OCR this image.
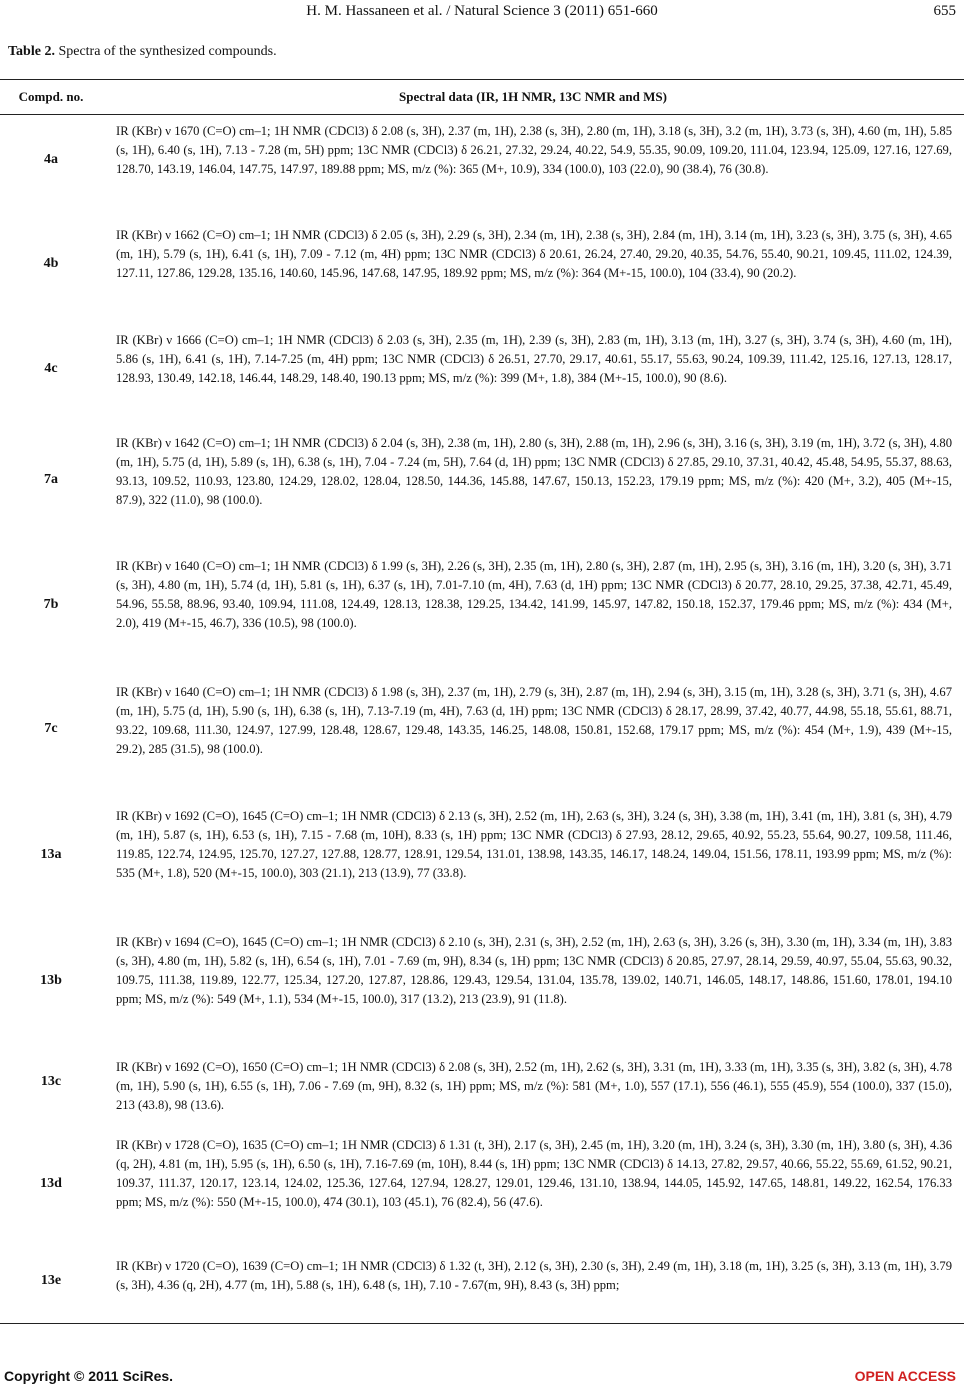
H. M. Hassaneen et al. / Natural Science 3 (2011) 651-660	655
Table 2. Spectra of the synthesized compounds.
Compd. no.	Spectral data (IR, 1H NMR, 13C NMR and MS)
4a
IR (KBr) ν 1670 (C=O) cm–1; 1H NMR (CDCl3) δ 2.08 (s, 3H), 2.37 (m, 1H), 2.38 (s, 3H), 2.80 (m, 1H), 3.18 (s, 3H), 3.2 (m, 1H), 3.73 (s, 3H), 4.60 (m, 1H), 5.85 (s, 1H), 6.40 (s, 1H), 7.13 - 7.28 (m, 5H) ppm; 13C NMR (CDCl3) δ 26.21, 27.32, 29.24, 40.22, 54.9, 55.35, 90.09, 109.20, 111.04, 123.94, 125.09, 127.16, 127.69, 128.70, 143.19, 146.04, 147.75, 147.97, 189.88 ppm; MS, m/z (%): 365 (M+, 10.9), 334 (100.0), 103 (22.0), 90 (38.4), 76 (30.8).
4b
IR (KBr) ν 1662 (C=O) cm–1; 1H NMR (CDCl3) δ 2.05 (s, 3H), 2.29 (s, 3H), 2.34 (m, 1H), 2.38 (s, 3H), 2.84 (m, 1H), 3.14 (m, 1H), 3.23 (s, 3H), 3.75 (s, 3H), 4.65 (m, 1H), 5.79 (s, 1H), 6.41 (s, 1H), 7.09 - 7.12 (m, 4H) ppm; 13C NMR (CDCl3) δ 20.61, 26.24, 27.40, 29.20, 40.35, 54.76, 55.40, 90.21, 109.45, 111.02, 124.39, 127.11, 127.86, 129.28, 135.16, 140.60, 145.96, 147.68, 147.95, 189.92 ppm; MS, m/z (%): 364 (M+-15, 100.0), 104 (33.4), 90 (20.2).
4c
IR (KBr) ν 1666 (C=O) cm–1; 1H NMR (CDCl3) δ 2.03 (s, 3H), 2.35 (m, 1H), 2.39 (s, 3H), 2.83 (m, 1H), 3.13 (m, 1H), 3.27 (s, 3H), 3.74 (s, 3H), 4.60 (m, 1H), 5.86 (s, 1H), 6.41 (s, 1H), 7.14-7.25 (m, 4H) ppm; 13C NMR (CDCl3) δ 26.51, 27.70, 29.17, 40.61, 55.17, 55.63, 90.24, 109.39, 111.42, 125.16, 127.13, 128.17, 128.93, 130.49, 142.18, 146.44, 148.29, 148.40, 190.13 ppm; MS, m/z (%): 399 (M+, 1.8), 384 (M+-15, 100.0), 90 (8.6).
7a
IR (KBr) ν 1642 (C=O) cm–1; 1H NMR (CDCl3) δ 2.04 (s, 3H), 2.38 (m, 1H), 2.80 (s, 3H), 2.88 (m, 1H), 2.96 (s, 3H), 3.16 (s, 3H), 3.19 (m, 1H), 3.72 (s, 3H), 4.80 (m, 1H), 5.75 (d, 1H), 5.89 (s, 1H), 6.38 (s, 1H), 7.04 - 7.24 (m, 5H), 7.64 (d, 1H) ppm; 13C NMR (CDCl3) δ 27.85, 29.10, 37.31, 40.42, 45.48, 54.95, 55.37, 88.63, 93.13, 109.52, 110.93, 123.80, 124.29, 128.02, 128.04, 128.50, 144.36, 145.88, 147.67, 150.13, 152.23, 179.19 ppm; MS, m/z (%): 420 (M+, 3.2), 405 (M+-15, 87.9), 322 (11.0), 98 (100.0).
7b
IR (KBr) ν 1640 (C=O) cm–1; 1H NMR (CDCl3) δ 1.99 (s, 3H), 2.26 (s, 3H), 2.35 (m, 1H), 2.80 (s, 3H), 2.87 (m, 1H), 2.95 (s, 3H), 3.16 (m, 1H), 3.20 (s, 3H), 3.71 (s, 3H), 4.80 (m, 1H), 5.74 (d, 1H), 5.81 (s, 1H), 6.37 (s, 1H), 7.01-7.10 (m, 4H), 7.63 (d, 1H) ppm; 13C NMR (CDCl3) δ 20.77, 28.10, 29.25, 37.38, 42.71, 45.49, 54.96, 55.58, 88.96, 93.40, 109.94, 111.08, 124.49, 128.13, 128.38, 129.25, 134.42, 141.99, 145.97, 147.82, 150.18, 152.37, 179.46 ppm; MS, m/z (%): 434 (M+, 2.0), 419 (M+-15, 46.7), 336 (10.5), 98 (100.0).
7c
IR (KBr) ν 1640 (C=O) cm–1; 1H NMR (CDCl3) δ 1.98 (s, 3H), 2.37 (m, 1H), 2.79 (s, 3H), 2.87 (m, 1H), 2.94 (s, 3H), 3.15 (m, 1H), 3.28 (s, 3H), 3.71 (s, 3H), 4.67 (m, 1H), 5.75 (d, 1H), 5.90 (s, 1H), 6.38 (s, 1H), 7.13-7.19 (m, 4H), 7.63 (d, 1H) ppm; 13C NMR (CDCl3) δ 28.17, 28.99, 37.42, 40.77, 44.98, 55.18, 55.61, 88.71, 93.22, 109.68, 111.30, 124.97, 127.99, 128.48, 128.67, 129.48, 143.35, 146.25, 148.08, 150.81, 152.68, 179.17 ppm; MS, m/z (%): 454 (M+, 1.9), 439 (M+-15, 29.2), 285 (31.5), 98 (100.0).
13a
IR (KBr) ν 1692 (C=O), 1645 (C=O) cm–1; 1H NMR (CDCl3) δ 2.13 (s, 3H), 2.52 (m, 1H), 2.63 (s, 3H), 3.24 (s, 3H), 3.38 (m, 1H), 3.41 (m, 1H), 3.81 (s, 3H), 4.79 (m, 1H), 5.87 (s, 1H), 6.53 (s, 1H), 7.15 - 7.68 (m, 10H), 8.33 (s, 1H) ppm; 13C NMR (CDCl3) δ 27.93, 28.12, 29.65, 40.92, 55.23, 55.64, 90.27, 109.58, 111.46, 119.85, 122.74, 124.95, 125.70, 127.27, 127.88, 128.77, 128.91, 129.54, 131.01, 138.98, 143.35, 146.17, 148.24, 149.04, 151.56, 178.11, 193.99 ppm; MS, m/z (%): 535 (M+, 1.8), 520 (M+-15, 100.0), 303 (21.1), 213 (13.9), 77 (33.8).
13b
IR (KBr) ν 1694 (C=O), 1645 (C=O) cm–1; 1H NMR (CDCl3) δ 2.10 (s, 3H), 2.31 (s, 3H), 2.52 (m, 1H), 2.63 (s, 3H), 3.26 (s, 3H), 3.30 (m, 1H), 3.34 (m, 1H), 3.83 (s, 3H), 4.80 (m, 1H), 5.82 (s, 1H), 6.54 (s, 1H), 7.01 - 7.69 (m, 9H), 8.34 (s, 1H) ppm; 13C NMR (CDCl3) δ 20.85, 27.97, 28.14, 29.59, 40.97, 55.04, 55.63, 90.32, 109.75, 111.38, 119.89, 122.77, 125.34, 127.20, 127.87, 128.86, 129.43, 129.54, 131.04, 135.78, 139.02, 140.71, 146.05, 148.17, 148.86, 151.60, 178.01, 194.10 ppm; MS, m/z (%): 549 (M+, 1.1), 534 (M+-15, 100.0), 317 (13.2), 213 (23.9), 91 (11.8).
13c
IR (KBr) ν 1692 (C=O), 1650 (C=O) cm–1; 1H NMR (CDCl3) δ 2.08 (s, 3H), 2.52 (m, 1H), 2.62 (s, 3H), 3.31 (m, 1H), 3.33 (m, 1H), 3.35 (s, 3H), 3.82 (s, 3H), 4.78 (m, 1H), 5.90 (s, 1H), 6.55 (s, 1H), 7.06 - 7.69 (m, 9H), 8.32 (s, 1H) ppm; MS, m/z (%): 581 (M+, 1.0), 557 (17.1), 556 (46.1), 555 (45.9), 554 (100.0), 337 (15.0), 213 (43.8), 98 (13.6).
13d
IR (KBr) ν 1728 (C=O), 1635 (C=O) cm–1; 1H NMR (CDCl3) δ 1.31 (t, 3H), 2.17 (s, 3H), 2.45 (m, 1H), 3.20 (m, 1H), 3.24 (s, 3H), 3.30 (m, 1H), 3.80 (s, 3H), 4.36 (q, 2H), 4.81 (m, 1H), 5.95 (s, 1H), 6.50 (s, 1H), 7.16-7.69 (m, 10H), 8.44 (s, 1H) ppm; 13C NMR (CDCl3) δ 14.13, 27.82, 29.57, 40.66, 55.22, 55.69, 61.52, 90.21, 109.37, 111.37, 120.17, 123.14, 124.02, 125.36, 127.64, 127.94, 128.27, 129.01, 129.46, 131.10, 138.94, 144.05, 145.92, 147.65, 148.81, 149.22, 162.54, 176.33 ppm; MS, m/z (%): 550 (M+-15, 100.0), 474 (30.1), 103 (45.1), 76 (82.4), 56 (47.6).
13e
IR (KBr) ν 1720 (C=O), 1639 (C=O) cm–1; 1H NMR (CDCl3) δ 1.32 (t, 3H), 2.12 (s, 3H), 2.30 (s, 3H), 2.49 (m, 1H), 3.18 (m, 1H), 3.25 (s, 3H), 3.13 (m, 1H), 3.79 (s, 3H), 4.36 (q, 2H), 4.77 (m, 1H), 5.88 (s, 1H), 6.48 (s, 1H), 7.10 - 7.67(m, 9H), 8.43 (s, 3H) ppm;
Copyright © 2011 SciRes.	OPEN ACCESS
